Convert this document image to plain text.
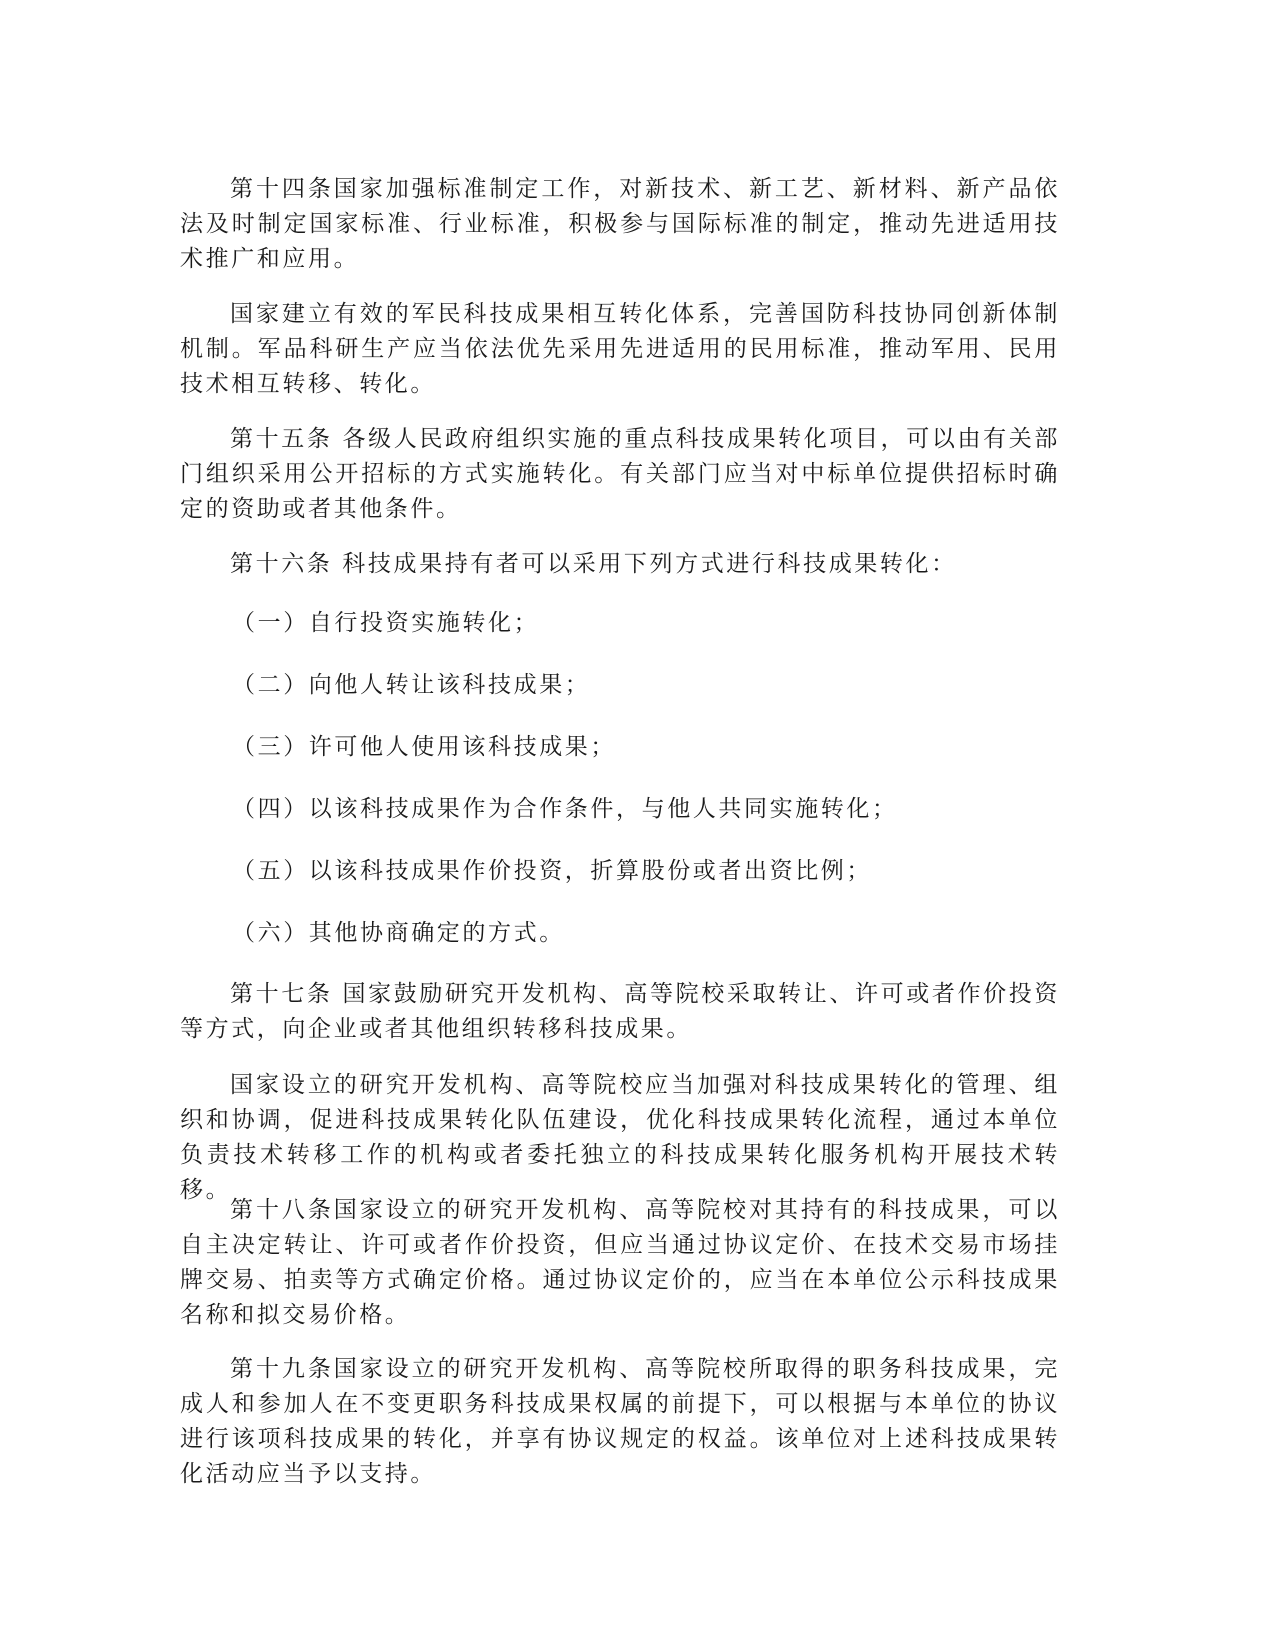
第十四条国家加强标准制定工作，对新技术、新工艺、新材料、新产品依法及时制定国家标准、行业标准，积极参与国际标准的制定，推动先进适用技术推广和应用。

国家建立有效的军民科技成果相互转化体系，完善国防科技协同创新体制机制。军品科研生产应当依法优先采用先进适用的民用标准，推动军用、民用技术相互转移、转化。

第十五条 各级人民政府组织实施的重点科技成果转化项目，可以由有关部门组织采用公开招标的方式实施转化。有关部门应当对中标单位提供招标时确定的资助或者其他条件。

第十六条 科技成果持有者可以采用下列方式进行科技成果转化：

（一）自行投资实施转化；

（二）向他人转让该科技成果；

（三）许可他人使用该科技成果；

（四）以该科技成果作为合作条件，与他人共同实施转化；

（五）以该科技成果作价投资，折算股份或者出资比例；

（六）其他协商确定的方式。

第十七条 国家鼓励研究开发机构、高等院校采取转让、许可或者作价投资等方式，向企业或者其他组织转移科技成果。

国家设立的研究开发机构、高等院校应当加强对科技成果转化的管理、组织和协调，促进科技成果转化队伍建设，优化科技成果转化流程，通过本单位负责技术转移工作的机构或者委托独立的科技成果转化服务机构开展技术转移。

第十八条国家设立的研究开发机构、高等院校对其持有的科技成果，可以自主决定转让、许可或者作价投资，但应当通过协议定价、在技术交易市场挂牌交易、拍卖等方式确定价格。通过协议定价的，应当在本单位公示科技成果名称和拟交易价格。

第十九条国家设立的研究开发机构、高等院校所取得的职务科技成果，完成人和参加人在不变更职务科技成果权属的前提下，可以根据与本单位的协议进行该项科技成果的转化，并享有协议规定的权益。该单位对上述科技成果转化活动应当予以支持。
